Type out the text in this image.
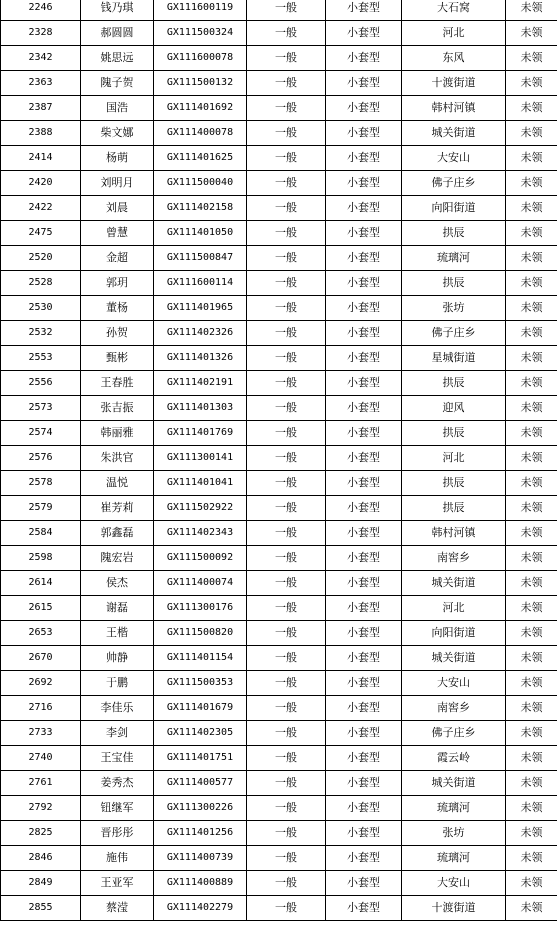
2246	钱乃琪	GX111600119	一般	小套型	大石窝	未领
2328	郝圆圆	GX111500324	一般	小套型	河北	未领
2342	姚思远	GX111600078	一般	小套型	东风	未领
2363	隗子贺	GX111500132	一般	小套型	十渡街道	未领
2387	国浩	GX111401692	一般	小套型	韩村河镇	未领
2388	柴文娜	GX111400078	一般	小套型	城关街道	未领
2414	杨萌	GX111401625	一般	小套型	大安山	未领
2420	刘明月	GX111500040	一般	小套型	佛子庄乡	未领
2422	刘晨	GX111402158	一般	小套型	向阳街道	未领
2475	曾慧	GX111401050	一般	小套型	拱辰	未领
2520	金超	GX111500847	一般	小套型	琉璃河	未领
2528	郭玥	GX111600114	一般	小套型	拱辰	未领
2530	董杨	GX111401965	一般	小套型	张坊	未领
2532	孙贺	GX111402326	一般	小套型	佛子庄乡	未领
2553	甄彬	GX111401326	一般	小套型	星城街道	未领
2556	王春胜	GX111402191	一般	小套型	拱辰	未领
2573	张吉振	GX111401303	一般	小套型	迎风	未领
2574	韩丽雅	GX111401769	一般	小套型	拱辰	未领
2576	朱洪官	GX111300141	一般	小套型	河北	未领
2578	温悦	GX111401041	一般	小套型	拱辰	未领
2579	崔芳莉	GX111502922	一般	小套型	拱辰	未领
2584	郭鑫磊	GX111402343	一般	小套型	韩村河镇	未领
2598	隗宏岩	GX111500092	一般	小套型	南窖乡	未领
2614	侯杰	GX111400074	一般	小套型	城关街道	未领
2615	谢磊	GX111300176	一般	小套型	河北	未领
2653	王楷	GX111500820	一般	小套型	向阳街道	未领
2670	帅静	GX111401154	一般	小套型	城关街道	未领
2692	于鹏	GX111500353	一般	小套型	大安山	未领
2716	李佳乐	GX111401679	一般	小套型	南窖乡	未领
2733	李剑	GX111402305	一般	小套型	佛子庄乡	未领
2740	王宝佳	GX111401751	一般	小套型	霞云岭	未领
2761	姜秀杰	GX111400577	一般	小套型	城关街道	未领
2792	钮继军	GX111300226	一般	小套型	琉璃河	未领
2825	晋彤彤	GX111401256	一般	小套型	张坊	未领
2846	施伟	GX111400739	一般	小套型	琉璃河	未领
2849	王亚军	GX111400889	一般	小套型	大安山	未领
2855	蔡滢	GX111402279	一般	小套型	十渡街道	未领
